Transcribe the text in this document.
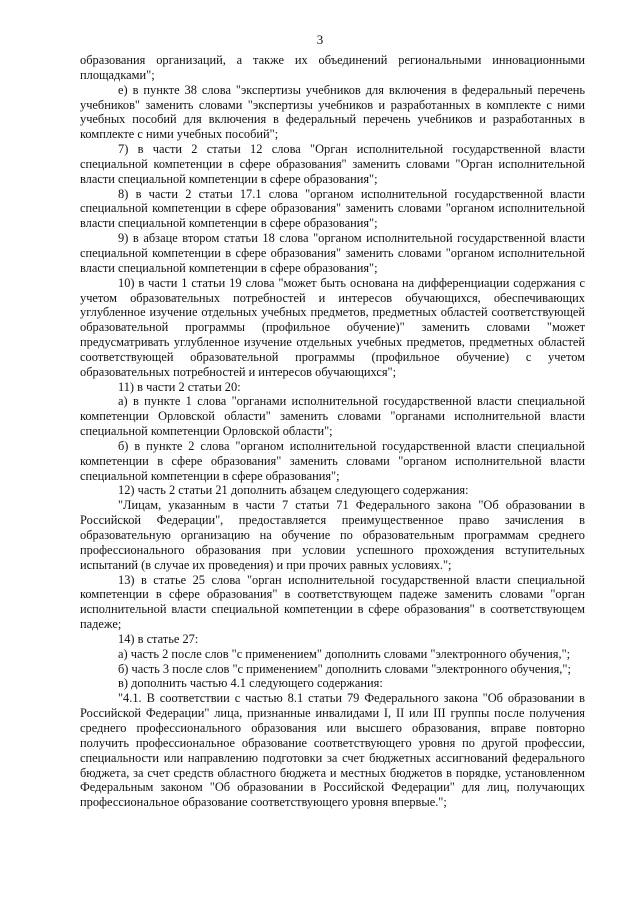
3

образования организаций, а также их объединений региональными инновационными площадками";

е) в пункте 38 слова "экспертизы учебников для включения в федеральный перечень учебников" заменить словами "экспертизы учебников и разработанных в комплекте с ними учебных пособий для включения в федеральный перечень учебников и разработанных в комплекте с ними учебных пособий";

7) в части 2 статьи 12 слова "Орган исполнительной государственной власти специальной компетенции в сфере образования" заменить словами "Орган исполнительной власти специальной компетенции в сфере образования";

8) в части 2 статьи 17.1 слова "органом исполнительной государственной власти специальной компетенции в сфере образования" заменить словами "органом исполнительной власти специальной компетенции в сфере образования";

9) в абзаце втором статьи 18 слова "органом исполнительной государственной власти специальной компетенции в сфере образования" заменить словами "органом исполнительной власти специальной компетенции в сфере образования";

10) в части 1 статьи 19 слова "может быть основана на дифференциации содержания с учетом образовательных потребностей и интересов обучающихся, обеспечивающих углубленное изучение отдельных учебных предметов, предметных областей соответствующей образовательной программы (профильное обучение)" заменить словами "может предусматривать углубленное изучение отдельных учебных предметов, предметных областей соответствующей образовательной программы (профильное обучение) с учетом образовательных потребностей и интересов обучающихся";

11) в части 2 статьи 20:

а) в пункте 1 слова "органами исполнительной государственной власти специальной компетенции Орловской области" заменить словами "органами исполнительной власти специальной компетенции Орловской области";

б) в пункте 2 слова "органом исполнительной государственной власти специальной компетенции в сфере образования" заменить словами "органом исполнительной власти специальной компетенции в сфере образования";

12) часть 2 статьи 21 дополнить абзацем следующего содержания:

"Лицам, указанным в части 7 статьи 71 Федерального закона "Об образовании в Российской Федерации", предоставляется преимущественное право зачисления в образовательную организацию на обучение по образовательным программам среднего профессионального образования при условии успешного прохождения вступительных испытаний (в случае их проведения) и при прочих равных условиях.";

13) в статье 25 слова "орган исполнительной государственной власти специальной компетенции в сфере образования" в соответствующем падеже заменить словами "орган исполнительной власти специальной компетенции в сфере образования" в соответствующем падеже;

14) в статье 27:

а) часть 2 после слов "с применением" дополнить словами "электронного обучения,";

б) часть 3 после слов "с применением" дополнить словами "электронного обучения,";

в) дополнить частью 4.1 следующего содержания:

"4.1. В соответствии с частью 8.1 статьи 79 Федерального закона "Об образовании в Российской Федерации" лица, признанные инвалидами I, II или III группы после получения среднего профессионального образования или высшего образования, вправе повторно получить профессиональное образование соответствующего уровня по другой профессии, специальности или направлению подготовки за счет бюджетных ассигнований федерального бюджета, за счет средств областного бюджета и местных бюджетов в порядке, установленном Федеральным законом "Об образовании в Российской Федерации" для лиц, получающих профессиональное образование соответствующего уровня впервые.";
